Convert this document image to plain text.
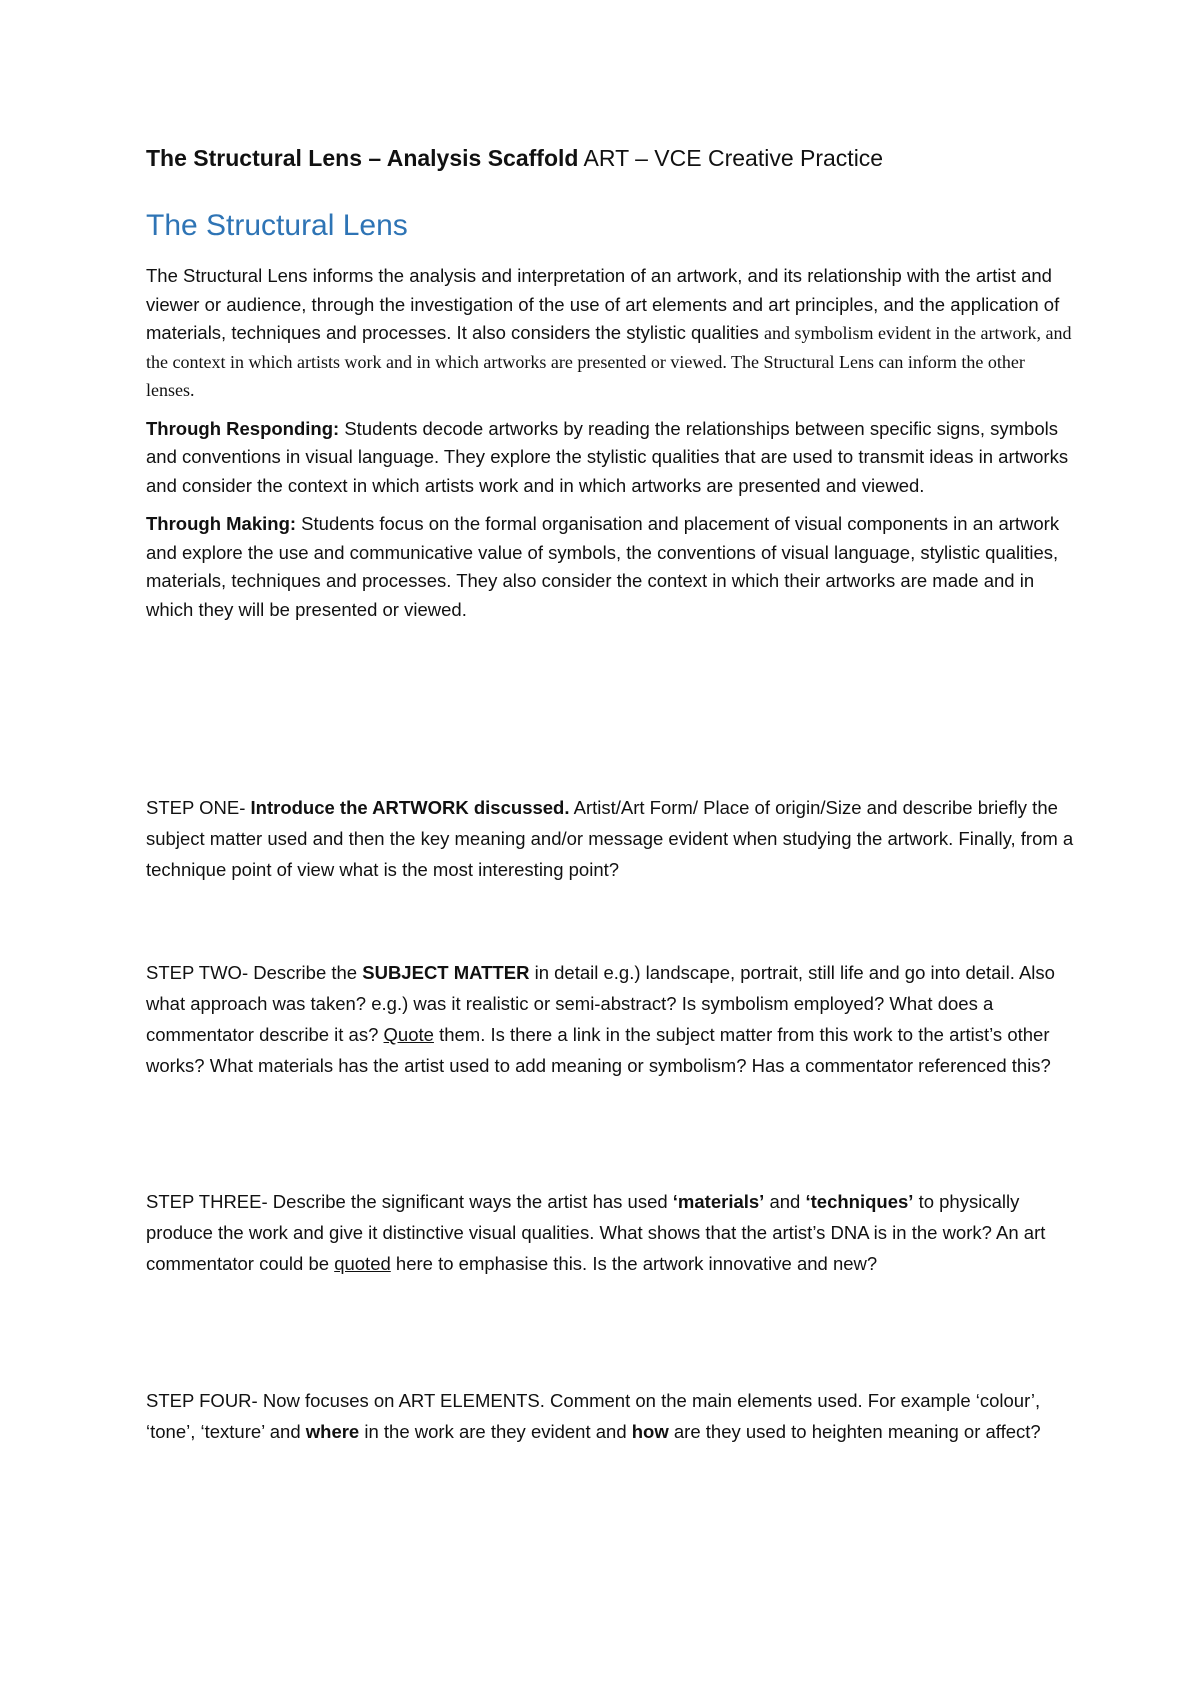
The Structural Lens – Analysis Scaffold ART – VCE Creative Practice

The Structural Lens

The Structural Lens informs the analysis and interpretation of an artwork, and its relationship with the artist and viewer or audience, through the investigation of the use of art elements and art principles, and the application of materials, techniques and processes. It also considers the stylistic qualities and symbolism evident in the artwork, and the context in which artists work and in which artworks are presented or viewed. The Structural Lens can inform the other lenses.

Through Responding: Students decode artworks by reading the relationships between specific signs, symbols and conventions in visual language. They explore the stylistic qualities that are used to transmit ideas in artworks and consider the context in which artists work and in which artworks are presented and viewed.

Through Making: Students focus on the formal organisation and placement of visual components in an artwork and explore the use and communicative value of symbols, the conventions of visual language, stylistic qualities, materials, techniques and processes. They also consider the context in which their artworks are made and in which they will be presented or viewed.

STEP ONE- Introduce the ARTWORK discussed. Artist/Art Form/ Place of origin/Size and describe briefly the subject matter used and then the key meaning and/or message evident when studying the artwork. Finally, from a technique point of view what is the most interesting point?

STEP TWO- Describe the SUBJECT MATTER in detail e.g.) landscape, portrait, still life and go into detail. Also what approach was taken? e.g.) was it realistic or semi-abstract? Is symbolism employed? What does a commentator describe it as? Quote them. Is there a link in the subject matter from this work to the artist’s other works? What materials has the artist used to add meaning or symbolism? Has a commentator referenced this?

STEP THREE- Describe the significant ways the artist has used ‘materials’ and ‘techniques’ to physically produce the work and give it distinctive visual qualities. What shows that the artist’s DNA is in the work? An art commentator could be quoted here to emphasise this. Is the artwork innovative and new?

STEP FOUR- Now focuses on ART ELEMENTS. Comment on the main elements used. For example ‘colour’, ‘tone’, ‘texture’ and where in the work are they evident and how are they used to heighten meaning or affect?
